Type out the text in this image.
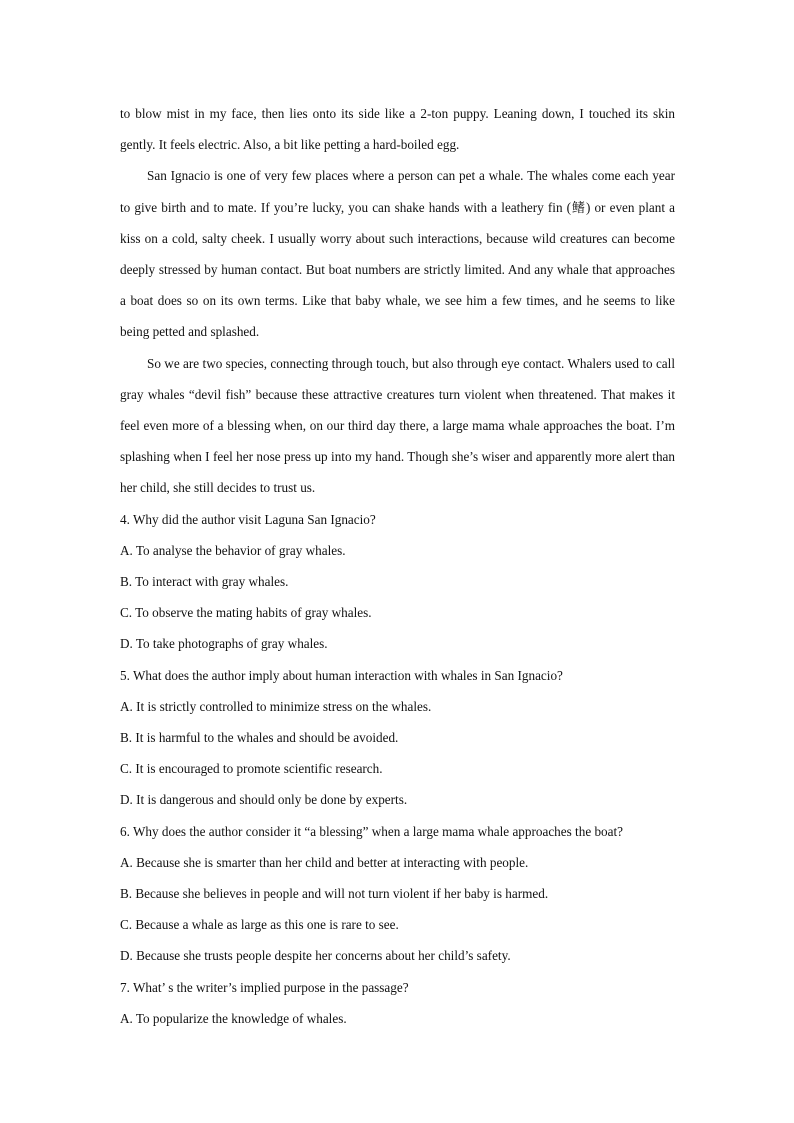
to blow mist in my face, then lies onto its side like a 2-ton puppy. Leaning down, I touched its skin gently. It feels electric. Also, a bit like petting a hard-boiled egg.

San Ignacio is one of very few places where a person can pet a whale. The whales come each year to give birth and to mate. If you’re lucky, you can shake hands with a leathery fin (鳍) or even plant a kiss on a cold, salty cheek. I usually worry about such interactions, because wild creatures can become deeply stressed by human contact. But boat numbers are strictly limited. And any whale that approaches a boat does so on its own terms. Like that baby whale, we see him a few times, and he seems to like being petted and splashed.

So we are two species, connecting through touch, but also through eye contact. Whalers used to call gray whales “devil fish” because these attractive creatures turn violent when threatened. That makes it feel even more of a blessing when, on our third day there, a large mama whale approaches the boat. I’m splashing when I feel her nose press up into my hand. Though she’s wiser and apparently more alert than her child, she still decides to trust us.

4. Why did the author visit Laguna San Ignacio?

A. To analyse the behavior of gray whales.

B. To interact with gray whales.

C. To observe the mating habits of gray whales.

D. To take photographs of gray whales.

5. What does the author imply about human interaction with whales in San Ignacio?

A. It is strictly controlled to minimize stress on the whales.

B. It is harmful to the whales and should be avoided.

C. It is encouraged to promote scientific research.

D. It is dangerous and should only be done by experts.

6. Why does the author consider it “a blessing” when a large mama whale approaches the boat?

A. Because she is smarter than her child and better at interacting with people.

B. Because she believes in people and will not turn violent if her baby is harmed.

C. Because a whale as large as this one is rare to see.

D. Because she trusts people despite her concerns about her child’s safety.

7. What’ s the writer’s implied purpose in the passage?

A. To popularize the knowledge of whales.
